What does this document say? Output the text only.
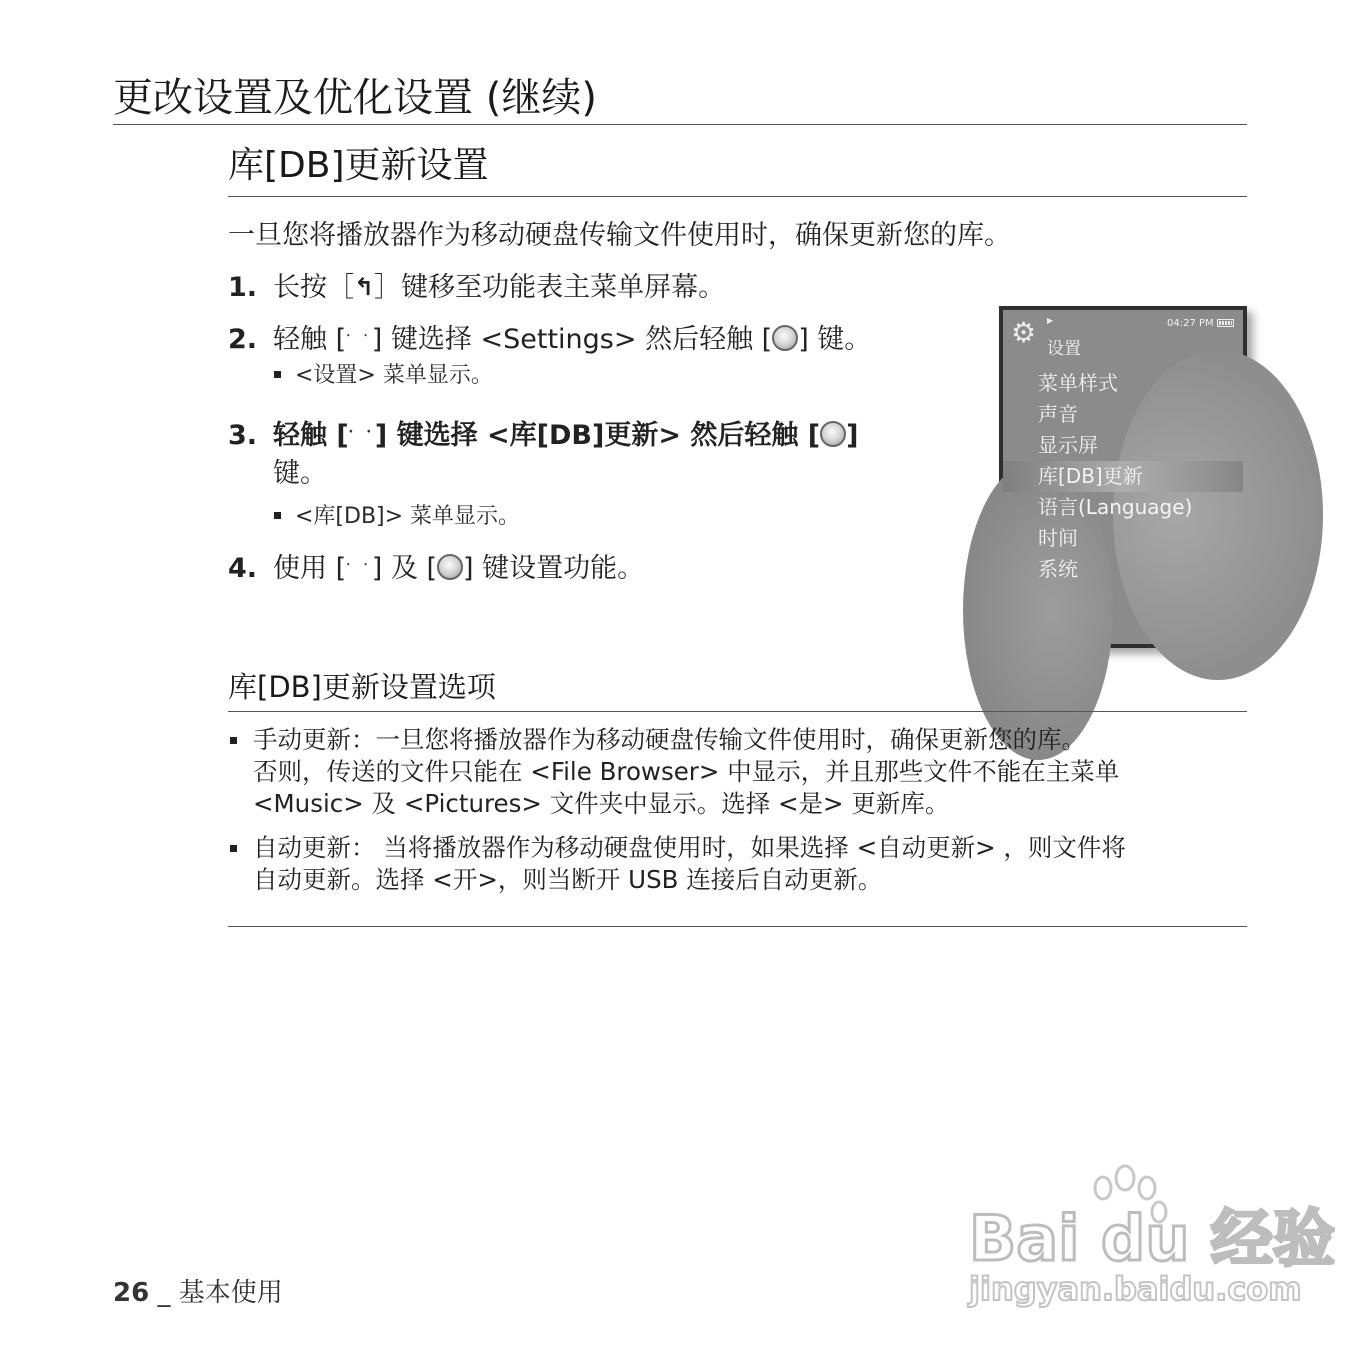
更改设置及优化设置 (继续)
库[DB]更新设置
一旦您将播放器作为移动硬盘传输文件使用时，确保更新您的库。
1. 长按［↰］键移至功能表主菜单屏幕。
2. 轻触 [⸱ ⸱] 键选择 <Settings> 然后轻触 [ ] 键。
<设置> 菜单显示。
3. 轻触 [⸱ ⸱] 键选择 <库[DB]更新> 然后轻触 [ ]
键。
<库[DB]> 菜单显示。
4. 使用 [⸱ ⸱] 及 [ ] 键设置功能。
⚙ ▶	04:27 PM
设置
菜单样式
声音
显示屏
库[DB]更新
语言(Language)
时间
系统
库[DB]更新设置选项
手动更新：一旦您将播放器作为移动硬盘传输文件使用时，确保更新您的库。
否则，传送的文件只能在 <File Browser> 中显示，并且那些文件不能在主菜单
<Music> 及 <Pictures> 文件夹中显示。选择 <是> 更新库。
自动更新： 当将播放器作为移动硬盘使用时，如果选择 <自动更新> ，则文件将
自动更新。选择 <开>，则当断开 USB 连接后自动更新。
26 _ 基本使用
Bai du 经验
jingyan.baidu.com
